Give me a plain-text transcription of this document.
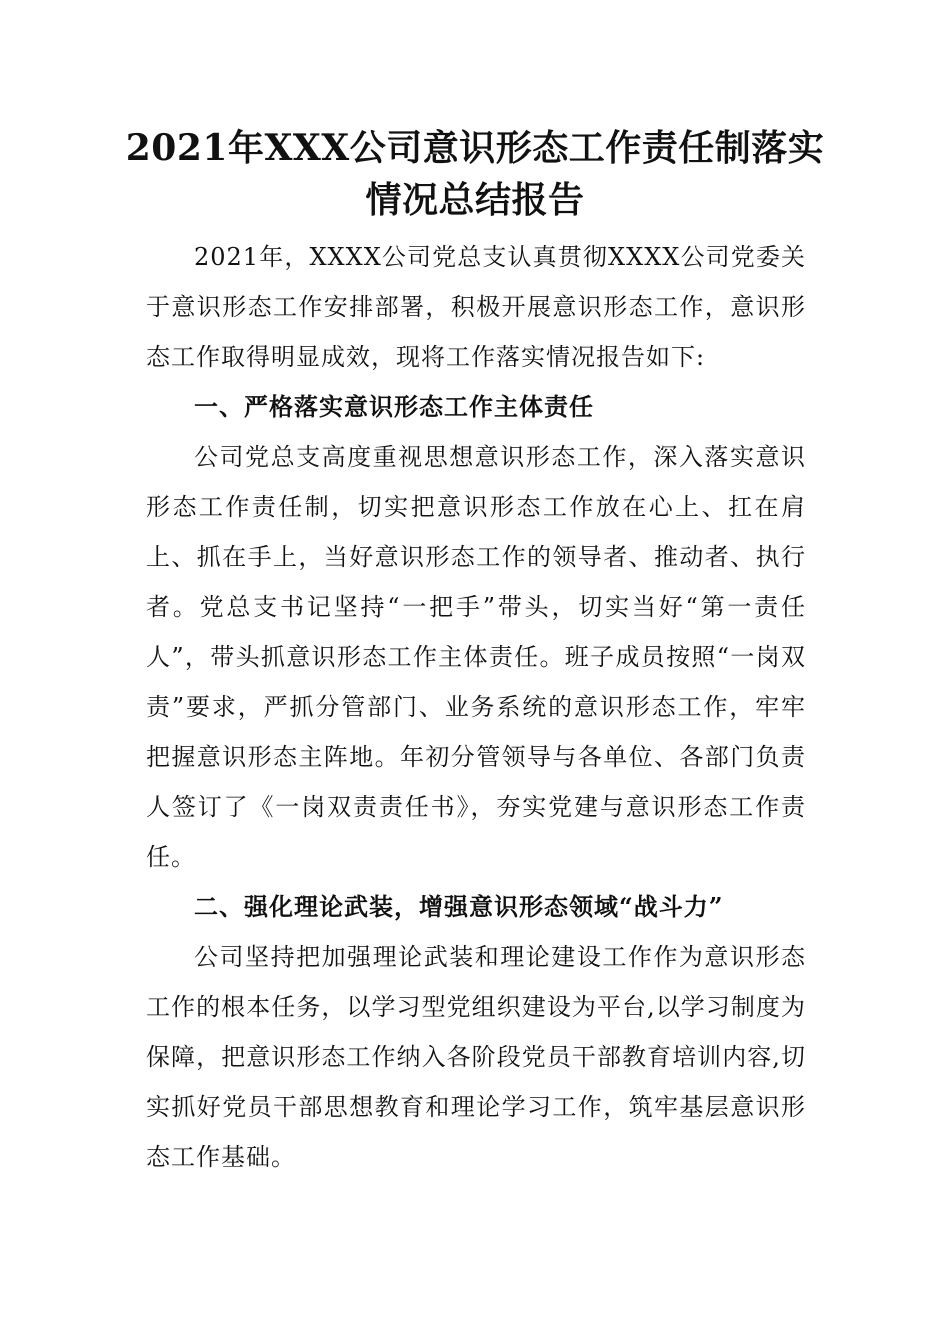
2021年XXX公司意识形态工作责任制落实情况总结报告

2021年，XXXX公司党总支认真贯彻XXXX公司党委关于意识形态工作安排部署，积极开展意识形态工作，意识形态工作取得明显成效，现将工作落实情况报告如下:

一、严格落实意识形态工作主体责任

公司党总支高度重视思想意识形态工作，深入落实意识形态工作责任制，切实把意识形态工作放在心上、扛在肩上、抓在手上，当好意识形态工作的领导者、推动者、执行者。党总支书记坚持“一把手”带头，切实当好“第一责任人”，带头抓意识形态工作主体责任。班子成员按照“一岗双责”要求，严抓分管部门、业务系统的意识形态工作，牢牢把握意识形态主阵地。年初分管领导与各单位、各部门负责人签订了《一岗双责责任书》，夯实党建与意识形态工作责任。

二、强化理论武装，增强意识形态领域“战斗力”

公司坚持把加强理论武装和理论建设工作作为意识形态工作的根本任务，以学习型党组织建设为平台,以学习制度为保障，把意识形态工作纳入各阶段党员干部教育培训内容,切实抓好党员干部思想教育和理论学习工作，筑牢基层意识形态工作基础。
